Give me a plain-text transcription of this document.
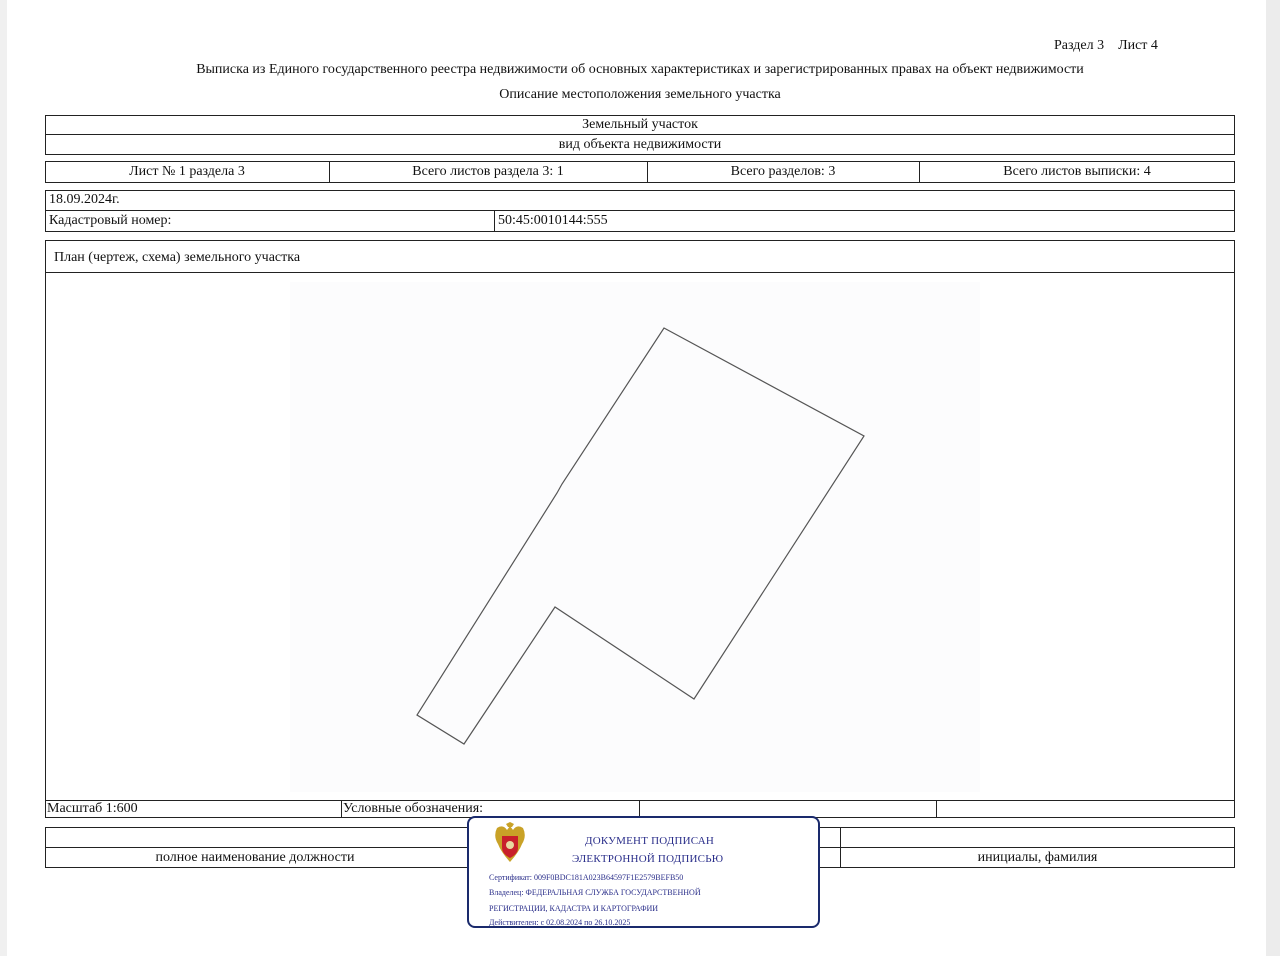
Раздел 3 Лист 4
Выписка из Единого государственного реестра недвижимости об основных характеристиках и зарегистрированных правах на объект недвижимости
Описание местоположения земельного участка
Земельный участок
вид объекта недвижимости
Лист № 1 раздела 3	Всего листов раздела 3: 1	Всего разделов: 3	Всего листов выписки: 4
18.09.2024г.
Кадастровый номер:	50:45:0010144:555
План (чертеж, схема) земельного участка
Масштаб 1:600	Условные обозначения:
полное наименование должности	инициалы, фамилия
ДОКУМЕНТ ПОДПИСАН
ЭЛЕКТРОННОЙ ПОДПИСЬЮ
Сертификат: 009F0BDC181A023B64597F1E2579BEFB50
Владелец: ФЕДЕРАЛЬНАЯ СЛУЖБА ГОСУДАРСТВЕННОЙ
РЕГИСТРАЦИИ, КАДАСТРА И КАРТОГРАФИИ
Действителен: с 02.08.2024 по 26.10.2025
